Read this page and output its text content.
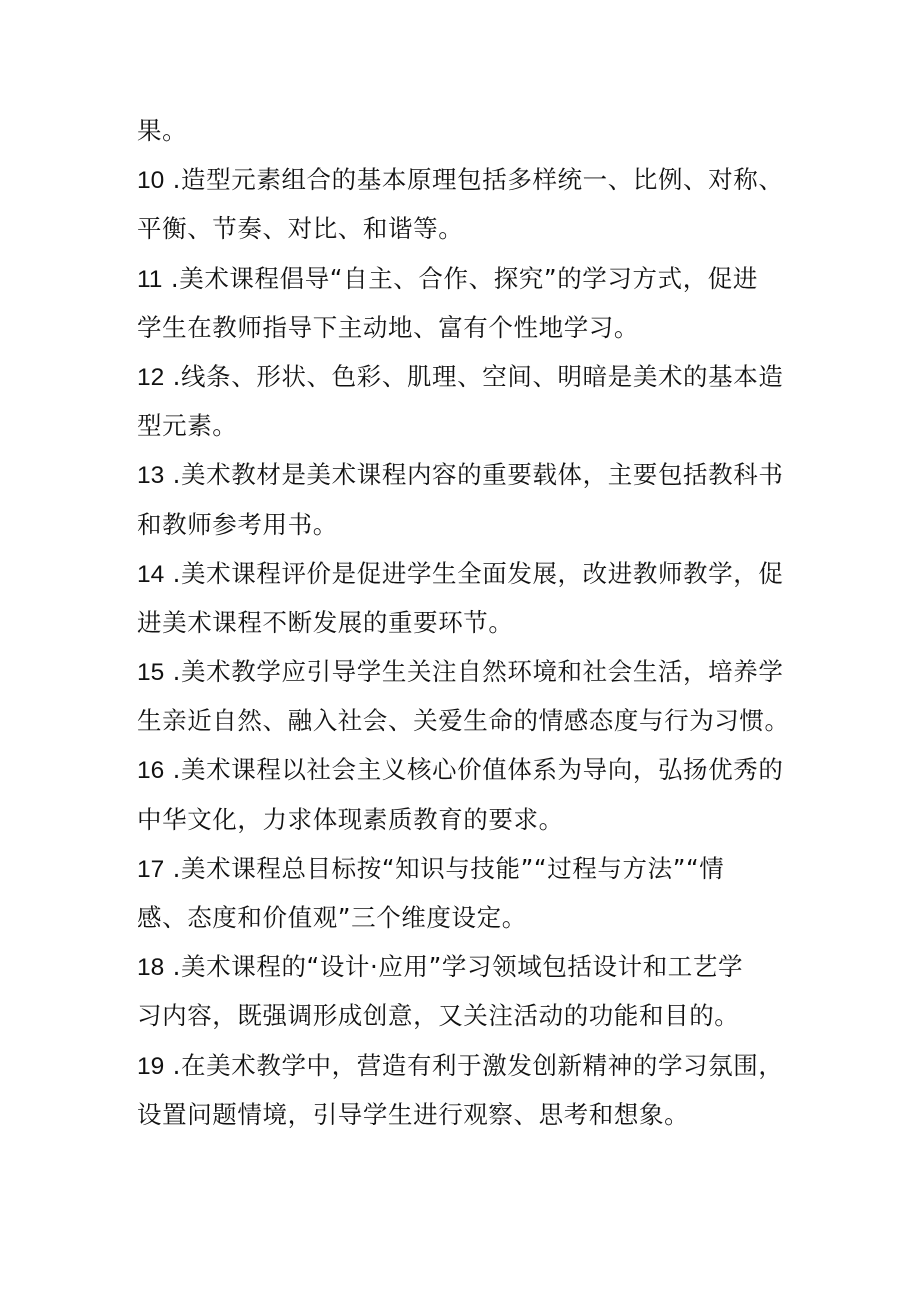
果。
10 .造型元素组合的基本原理包括多样统一、比例、对称、
平衡、节奏、对比、和谐等。
11 .美术课程倡导“自主、合作、探究”的学习方式，促进
学生在教师指导下主动地、富有个性地学习。
12 .线条、形状、色彩、肌理、空间、明暗是美术的基本造
型元素。
13 .美术教材是美术课程内容的重要载体，主要包括教科书
和教师参考用书。
14 .美术课程评价是促进学生全面发展，改进教师教学，促
进美术课程不断发展的重要环节。
15 .美术教学应引导学生关注自然环境和社会生活，培养学
生亲近自然、融入社会、关爱生命的情感态度与行为习惯。
16 .美术课程以社会主义核心价值体系为导向，弘扬优秀的
中华文化，力求体现素质教育的要求。
17 .美术课程总目标按“知识与技能”“过程与方法”“情
感、态度和价值观”三个维度设定。
18 .美术课程的“设计·应用”学习领域包括设计和工艺学
习内容，既强调形成创意，又关注活动的功能和目的。
19 .在美术教学中，营造有利于激发创新精神的学习氛围，
设置问题情境，引导学生进行观察、思考和想象。
